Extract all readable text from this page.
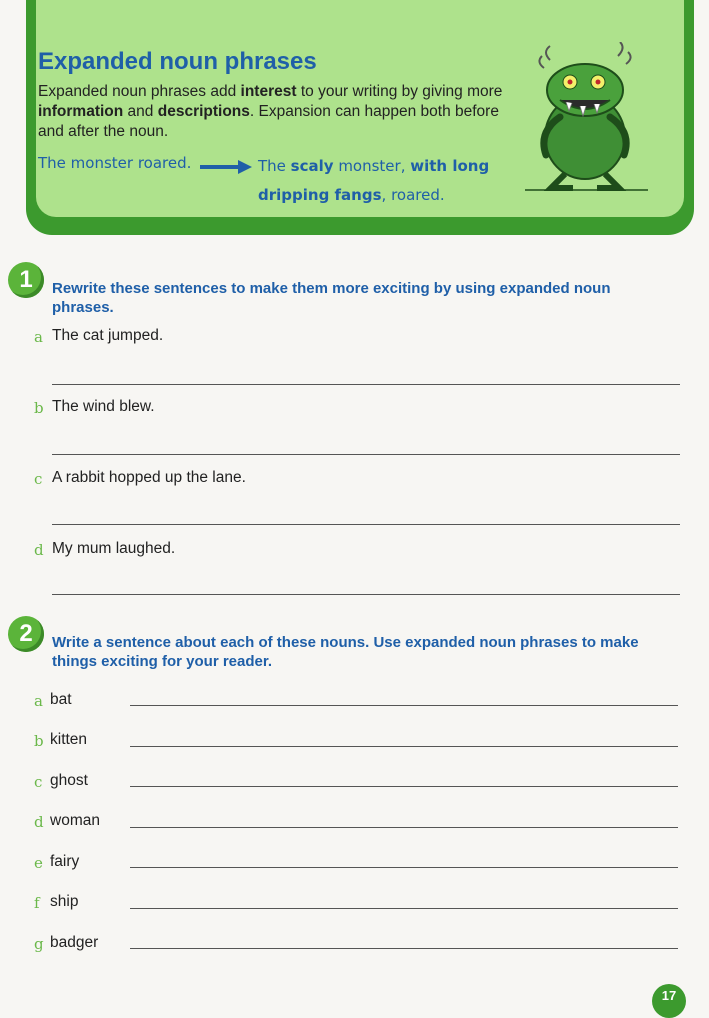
Expanded noun phrases

Expanded noun phrases add interest to your writing by giving more information and descriptions. Expansion can happen both before and after the noun.

The monster roared.	The scaly monster, with long
dripping fangs, roared.
1	Rewrite these sentences to make them more exciting by using expanded noun phrases.

a The cat jumped.
b The wind blew.
c A rabbit hopped up the lane.
d My mum laughed.
2	Write a sentence about each of these nouns. Use expanded noun phrases to make things exciting for your reader.

a bat
b kitten
c ghost
d woman
e fairy
f ship
g badger
17
